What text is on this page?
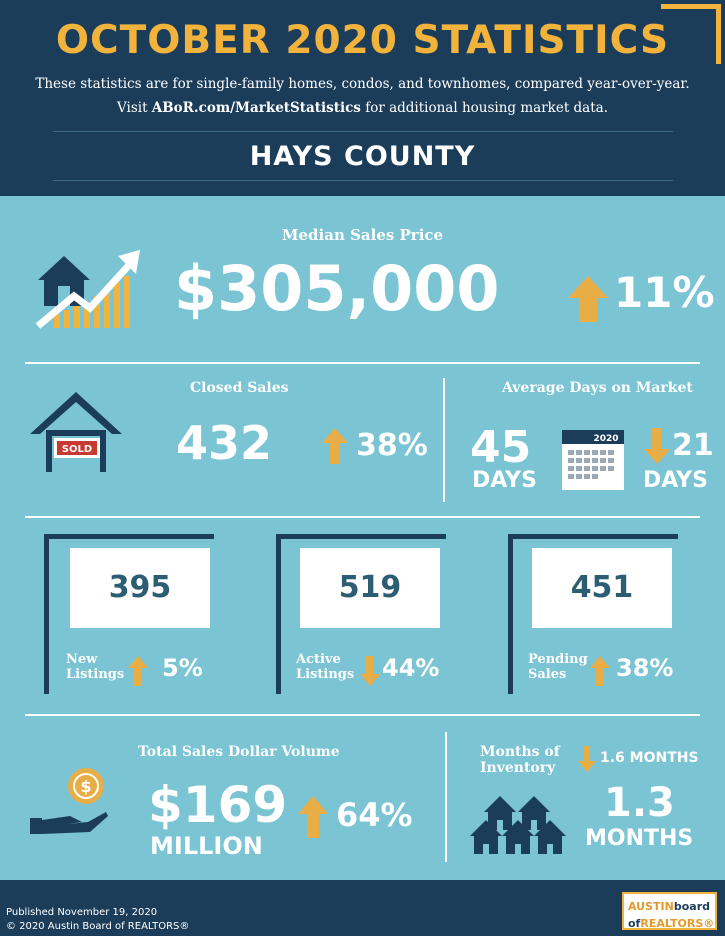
OCTOBER 2020 STATISTICS
These statistics are for single-family homes, condos, and townhomes, compared year-over-year.
Visit ABoR.com/MarketStatistics for additional housing market data.
HAYS COUNTY
Median Sales Price
$305,000	11%
Closed Sales
SOLD 432	38%
Average Days on Market
45
DAYS
2020 21
DAYS
395
New
Listings 5%
519
Active
Listings 44%
451
Pending
Sales	38%
Total Sales Dollar Volume
$ $169
MILLION
64%
Months of
Inventory
1.6 MONTHS
1.3
MONTHS
Published November 19, 2020
© 2020 Austin Board of REALTORS®
AUSTINboard
ofREALTORS®
